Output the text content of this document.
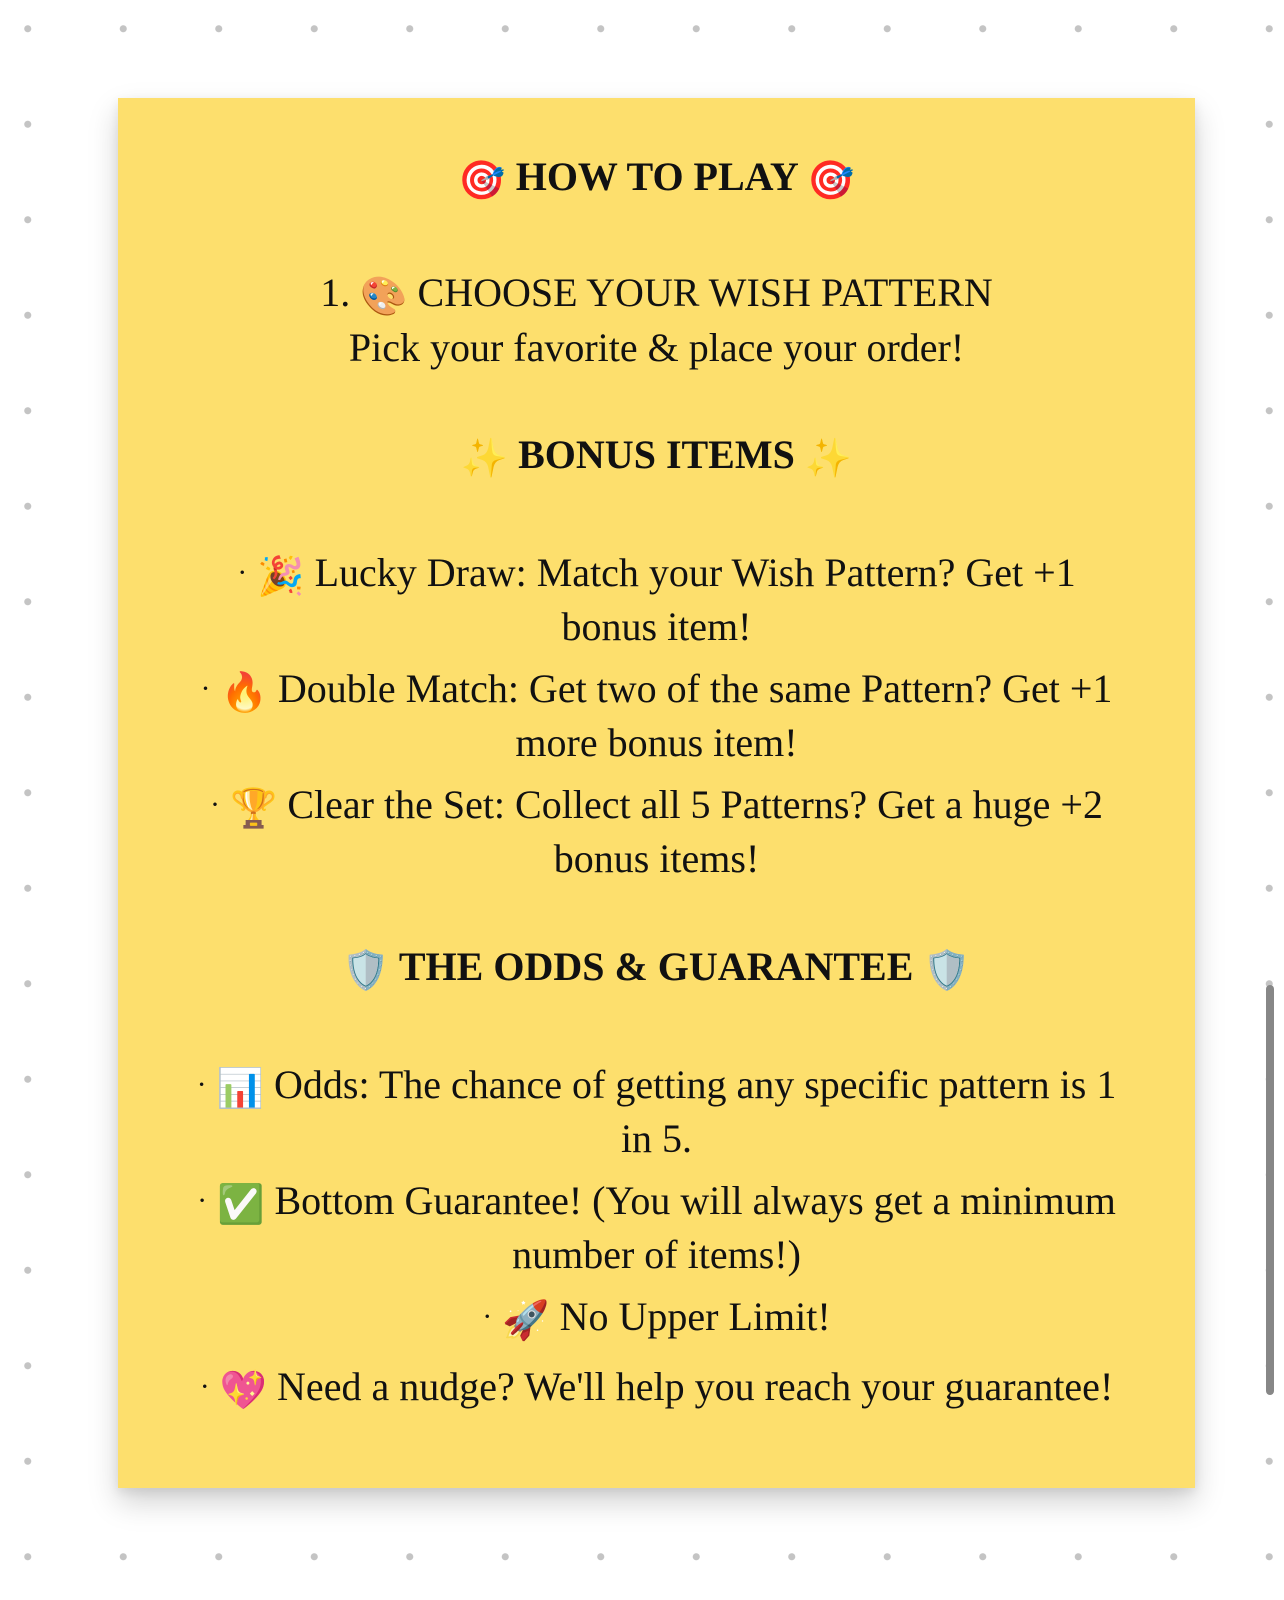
🎯 HOW TO PLAY 🎯
1. 🎨 CHOOSE YOUR WISH PATTERN
Pick your favorite & place your order!
✨ BONUS ITEMS ✨
· 🎉 Lucky Draw: Match your Wish Pattern? Get +1
bonus item!
· 🔥 Double Match: Get two of the same Pattern? Get +1
more bonus item!
· 🏆 Clear the Set: Collect all 5 Patterns? Get a huge +2
bonus items!
🛡️ THE ODDS & GUARANTEE 🛡️
· 📊 Odds: The chance of getting any specific pattern is 1
in 5.
· ✅ Bottom Guarantee! (You will always get a minimum
number of items!)
· 🚀 No Upper Limit!
· 💖 Need a nudge? We'll help you reach your guarantee!
